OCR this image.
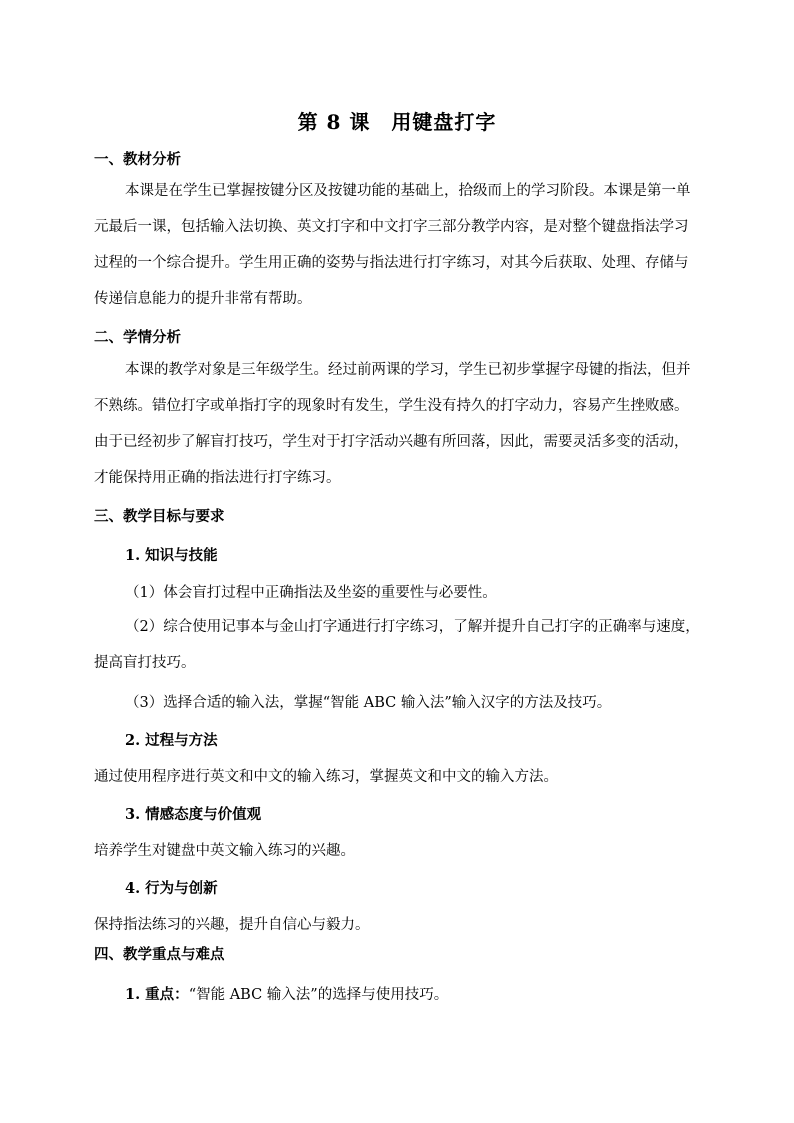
第 8 课　用键盘打字
一、教材分析
本课是在学生已掌握按键分区及按键功能的基础上，拾级而上的学习阶段。本课是第一单元最后一课，包括输入法切换、英文打字和中文打字三部分教学内容，是对整个键盘指法学习过程的一个综合提升。学生用正确的姿势与指法进行打字练习，对其今后获取、处理、存储与传递信息能力的提升非常有帮助。
二、学情分析
本课的教学对象是三年级学生。经过前两课的学习，学生已初步掌握字母键的指法，但并不熟练。错位打字或单指打字的现象时有发生，学生没有持久的打字动力，容易产生挫败感。由于已经初步了解盲打技巧，学生对于打字活动兴趣有所回落，因此，需要灵活多变的活动，才能保持用正确的指法进行打字练习。
三、教学目标与要求
1. 知识与技能
（1）体会盲打过程中正确指法及坐姿的重要性与必要性。
（2）综合使用记事本与金山打字通进行打字练习，了解并提升自己打字的正确率与速度，提高盲打技巧。
（3）选择合适的输入法，掌握“智能 ABC 输入法”输入汉字的方法及技巧。
2. 过程与方法
通过使用程序进行英文和中文的输入练习，掌握英文和中文的输入方法。
3. 情感态度与价值观
培养学生对键盘中英文输入练习的兴趣。
4. 行为与创新
保持指法练习的兴趣，提升自信心与毅力。
四、教学重点与难点
1. 重点：“智能 ABC 输入法”的选择与使用技巧。
